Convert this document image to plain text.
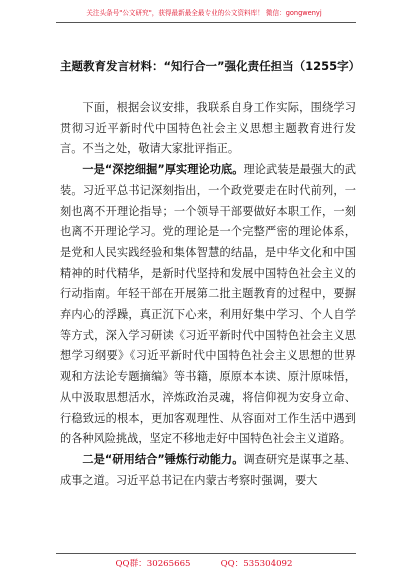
关注头条号"公文研究"，获得最新最全最专业的公文资料库！ 微信：gongwenyj
主题教育发言材料：“知行合一”强化责任担当（1255字）

下面，根据会议安排，我联系自身工作实际，围绕学习贯彻习近平新时代中国特色社会主义思想主题教育进行发言。不当之处，敬请大家批评指正。

一是“深挖细掘”厚实理论功底。理论武装是最强大的武装。习近平总书记深刻指出，一个政党要走在时代前列，一刻也离不开理论指导；一个领导干部要做好本职工作，一刻也离不开理论学习。党的理论是一个完整严密的理论体系，是党和人民实践经验和集体智慧的结晶，是中华文化和中国精神的时代精华，是新时代坚持和发展中国特色社会主义的行动指南。年轻干部在开展第二批主题教育的过程中，要摒弃内心的浮躁，真正沉下心来，利用好集中学习、个人自学等方式，深入学习研读《习近平新时代中国特色社会主义思想学习纲要》《习近平新时代中国特色社会主义思想的世界观和方法论专题摘编》等书籍，原原本本读、原汁原味悟，从中汲取思想活水，淬炼政治灵魂，将信仰视为安身立命、行稳致远的根本，更加客观理性、从容面对工作生活中遇到的各种风险挑战，坚定不移地走好中国特色社会主义道路。

二是“研用结合”锤炼行动能力。调查研究是谋事之基、成事之道。习近平总书记在内蒙古考察时强调，要大

QQ群：30265665	QQ：535304092
